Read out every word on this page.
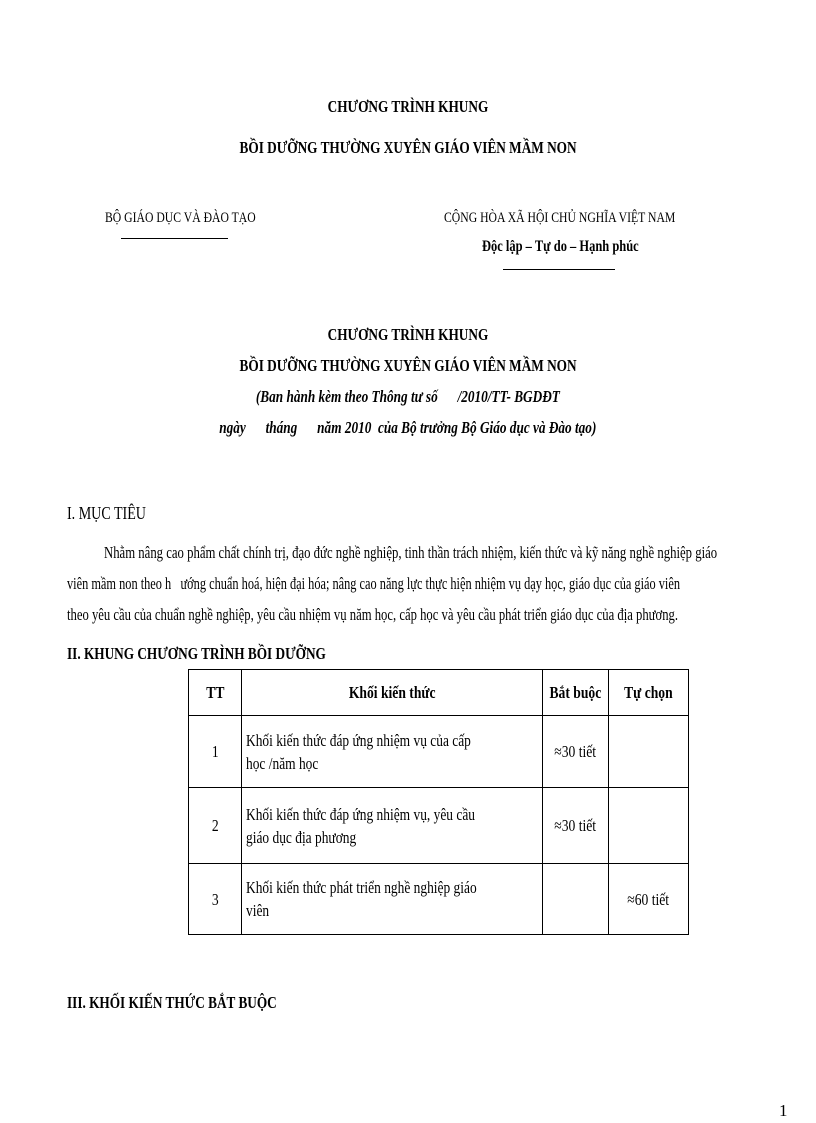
CHƯƠNG TRÌNH KHUNG
BỒI DƯỠNG THƯỜNG XUYÊN GIÁO VIÊN MẦM NON
BỘ GIÁO DỤC VÀ ĐÀO TẠO	CỘNG HÒA XÃ HỘI CHỦ NGHĨA VIỆT NAM
Độc lập – Tự do – Hạnh phúc
CHƯƠNG TRÌNH KHUNG
BỒI DƯỠNG THƯỜNG XUYÊN GIÁO VIÊN MẦM NON
(Ban hành kèm theo Thông tư số      /2010/TT- BGDĐT
ngày      tháng      năm 2010  của Bộ trưởng Bộ Giáo dục và Đào tạo)
I. MỤC TIÊU
Nhằm nâng cao phẩm chất chính trị, đạo đức nghề nghiệp, tinh thần trách nhiệm, kiến thức và kỹ năng nghề nghiệp giáo
viên mầm non theo h   ướng chuẩn hoá, hiện đại hóa; nâng cao năng lực thực hiện nhiệm vụ dạy học, giáo dục của giáo viên
theo yêu cầu của chuẩn nghề nghiệp, yêu cầu nhiệm vụ năm học, cấp học và yêu cầu phát triển giáo dục của địa phương.
II. KHUNG CHƯƠNG TRÌNH BỒI DƯỠNG
TT	Khối kiến thức	Bắt buộc	Tự chọn

1	Khối kiến thức đáp ứng nhiệm vụ của cấp
học /năm học	≈30 tiết	

2	Khối kiến thức đáp ứng nhiệm vụ, yêu cầu
giáo dục địa phương	≈30 tiết	

3	Khối kiến thức phát triển nghề nghiệp giáo
viên		≈60 tiết
III. KHỐI KIẾN THỨC BẮT BUỘC
1
